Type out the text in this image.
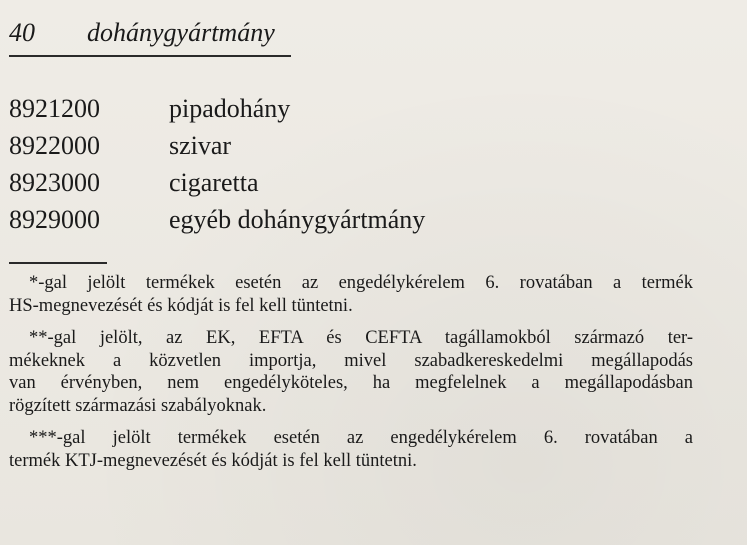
40 dohánygyártmány
8921200	pipadohány
8922000	szivar
8923000	cigaretta
8929000	egyéb dohánygyártmány

*-gal jelölt termékek esetén az engedélykérelem 6. rovatában a termék
HS-megnevezését és kódját is fel kell tüntetni.

**-gal jelölt, az EK, EFTA és CEFTA tagállamokból származó ter-
mékeknek a közvetlen importja, mivel szabadkereskedelmi megállapodás
van érvényben, nem engedélyköteles, ha megfelelnek a megállapodásban
rögzített származási szabályoknak.

***-gal jelölt termékek esetén az engedélykérelem 6. rovatában a
termék KTJ-megnevezését és kódját is fel kell tüntetni.
